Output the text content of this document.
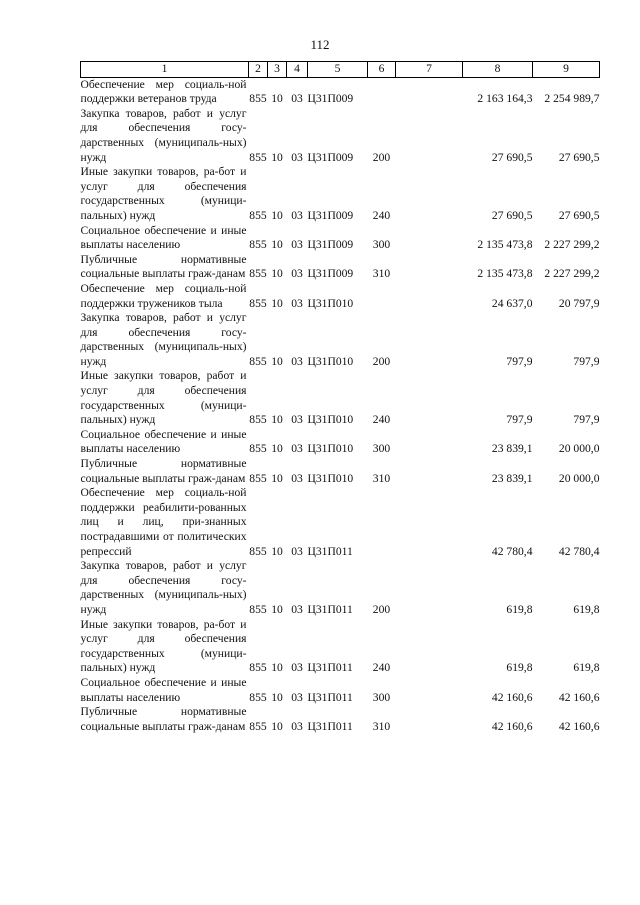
112
1	2	3	4	5	6	7	8	9
Обеспечение мер социаль-ной поддержки ветеранов труда	855	10	03	Ц31П009			2 163 164,3	2 254 989,7
Закупка товаров, работ и услуг для обеспечения госу-дарственных (муниципаль-ных) нужд	855	10	03	Ц31П009	200		27 690,5	27 690,5
Иные закупки товаров, ра-бот и услуг для обеспечения государственных (муници-пальных) нужд	855	10	03	Ц31П009	240		27 690,5	27 690,5
Социальное обеспечение и иные выплаты населению	855	10	03	Ц31П009	300		2 135 473,8	2 227 299,2
Публичные нормативные социальные выплаты граж-данам	855	10	03	Ц31П009	310		2 135 473,8	2 227 299,2
Обеспечение мер социаль-ной поддержки тружеников тыла	855	10	03	Ц31П010			24 637,0	20 797,9
Закупка товаров, работ и услуг для обеспечения госу-дарственных (муниципаль-ных) нужд	855	10	03	Ц31П010	200		797,9	797,9
Иные закупки товаров, работ и услуг для обеспечения государственных (муници-пальных) нужд	855	10	03	Ц31П010	240		797,9	797,9
Социальное обеспечение и иные выплаты населению	855	10	03	Ц31П010	300		23 839,1	20 000,0
Публичные нормативные социальные выплаты граж-данам	855	10	03	Ц31П010	310		23 839,1	20 000,0
Обеспечение мер социаль-ной поддержки реабилити-рованных лиц и лиц, при-знанных пострадавшими от политических репрессий	855	10	03	Ц31П011			42 780,4	42 780,4
Закупка товаров, работ и услуг для обеспечения госу-дарственных (муниципаль-ных) нужд	855	10	03	Ц31П011	200		619,8	619,8
Иные закупки товаров, ра-бот и услуг для обеспечения государственных (муници-пальных) нужд	855	10	03	Ц31П011	240		619,8	619,8
Социальное обеспечение и иные выплаты населению	855	10	03	Ц31П011	300		42 160,6	42 160,6
Публичные нормативные социальные выплаты граж-данам	855	10	03	Ц31П011	310		42 160,6	42 160,6
